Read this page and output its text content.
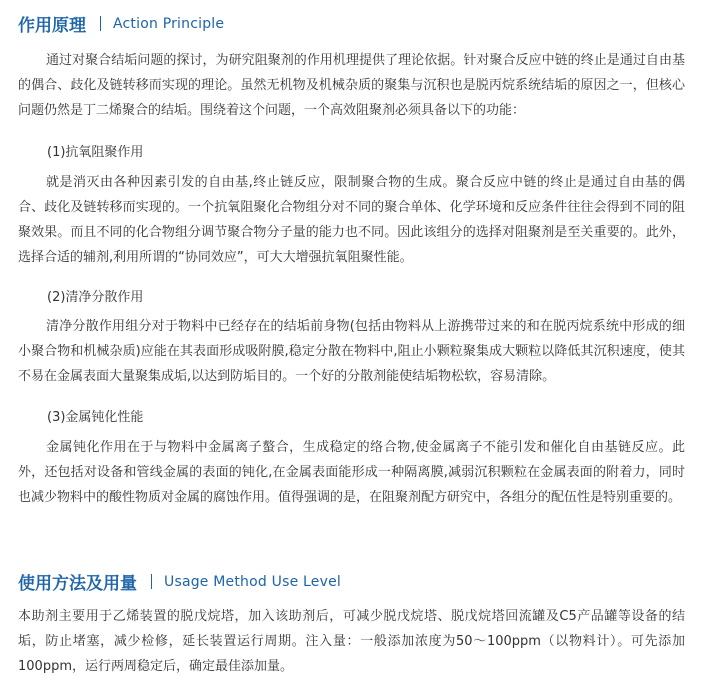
作用原理 Action Principle

通过对聚合结垢问题的探讨，为研究阻聚剂的作用机理提供了理论依据。针对聚合反应中链的终止是通过自由基的偶合、歧化及链转移而实现的理论。虽然无机物及机械杂质的聚集与沉积也是脱丙烷系统结垢的原因之一，但核心问题仍然是丁二烯聚合的结垢。围绕着这个问题，一个高效阻聚剂必须具备以下的功能：

(1)抗氧阻聚作用

就是消灭由各种因素引发的自由基,终止链反应，限制聚合物的生成。聚合反应中链的终止是通过自由基的偶合、歧化及链转移而实现的。一个抗氧阻聚化合物组分对不同的聚合单体、化学环境和反应条件往往会得到不同的阻聚效果。而且不同的化合物组分调节聚合物分子量的能力也不同。因此该组分的选择对阻聚剂是至关重要的。此外，选择合适的辅剂,利用所谓的“协同效应”，可大大增强抗氧阻聚性能。

(2)清净分散作用

清净分散作用组分对于物料中已经存在的结垢前身物(包括由物料从上游携带过来的和在脱丙烷系统中形成的细小聚合物和机械杂质)应能在其表面形成吸附膜,稳定分散在物料中,阻止小颗粒聚集成大颗粒以降低其沉积速度，使其不易在金属表面大量聚集成垢,以达到防垢目的。一个好的分散剂能使结垢物松软，容易清除。

(3)金属钝化性能

金属钝化作用在于与物料中金属离子螯合，生成稳定的络合物,使金属离子不能引发和催化自由基链反应。此外，还包括对设备和管线金属的表面的钝化,在金属表面能形成一种隔离膜,减弱沉积颗粒在金属表面的附着力，同时也减少物料中的酸性物质对金属的腐蚀作用。值得强调的是，在阻聚剂配方研究中，各组分的配伍性是特别重要的。

使用方法及用量 Usage Method Use Level

本助剂主要用于乙烯装置的脱戊烷塔，加入该助剂后，可减少脱戊烷塔、脱戊烷塔回流罐及C5产品罐等设备的结垢，防止堵塞，减少检修，延长装置运行周期。注入量：一般添加浓度为50～100ppm（以物料计）。可先添加100ppm，运行两周稳定后，确定最佳添加量。
